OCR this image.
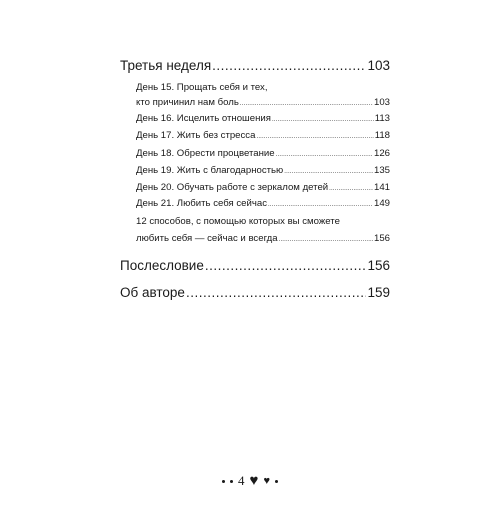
Третья неделя .....	103
День 15. Прощать себя и тех,
кто причинил нам боль .....	103
День 16. Исцелить отношения .....	113
День 17. Жить без стресса .....	118
День 18. Обрести процветание .....	126
День 19. Жить с благодарностью .....	135
День 20. Обучать работе с зеркалом детей .....	141
День 21. Любить себя сейчас .....	149
12 способов, с помощью которых вы сможете
любить себя — сейчас и всегда .....	156
Послесловие .....	156
Об авторе .....	159
4 ♥ ♥
